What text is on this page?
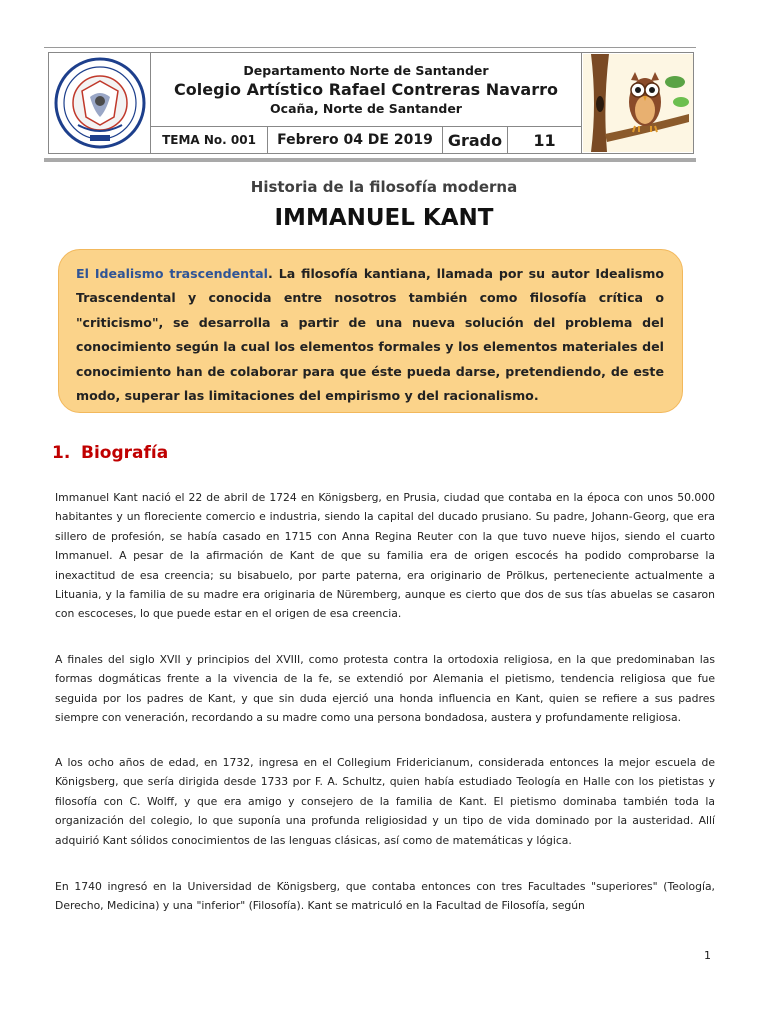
Departamento Norte de Santander
Colegio Artístico Rafael Contreras Navarro
Ocaña, Norte de Santander
TEMA No. 001	Febrero 04 DE 2019 Grado	11
Historia de la filosofía moderna
IMMANUEL KANT

El Idealismo trascendental. La filosofía kantiana, llamada por su autor Idealismo Trascendental y conocida entre nosotros también como filosofía crítica o "criticismo", se desarrolla a partir de una nueva solución del problema del conocimiento según la cual los elementos formales y los elementos materiales del conocimiento han de colaborar para que éste pueda darse, pretendiendo, de este modo, superar las limitaciones del empirismo y del racionalismo.

1. Biografía

Immanuel Kant nació el 22 de abril de 1724 en Königsberg, en Prusia, ciudad que contaba en la época con unos 50.000 habitantes y un floreciente comercio e industria, siendo la capital del ducado prusiano. Su padre, Johann-Georg, que era sillero de profesión, se había casado en 1715 con Anna Regina Reuter con la que tuvo nueve hijos, siendo el cuarto Immanuel. A pesar de la afirmación de Kant de que su familia era de origen escocés ha podido comprobarse la inexactitud de esa creencia; su bisabuelo, por parte paterna, era originario de Prölkus, perteneciente actualmente a Lituania, y la familia de su madre era originaria de Nüremberg, aunque es cierto que dos de sus tías abuelas se casaron con escoceses, lo que puede estar en el origen de esa creencia.

A finales del siglo XVII y principios del XVIII, como protesta contra la ortodoxia religiosa, en la que predominaban las formas dogmáticas frente a la vivencia de la fe, se extendió por Alemania el pietismo, tendencia religiosa que fue seguida por los padres de Kant, y que sin duda ejerció una honda influencia en Kant, quien se refiere a sus padres siempre con veneración, recordando a su madre como una persona bondadosa, austera y profundamente religiosa.

A los ocho años de edad, en 1732, ingresa en el Collegium Fridericianum, considerada entonces la mejor escuela de Königsberg, que sería dirigida desde 1733 por F. A. Schultz, quien había estudiado Teología en Halle con los pietistas y filosofía con C. Wolff, y que era amigo y consejero de la familia de Kant. El pietismo dominaba también toda la organización del colegio, lo que suponía una profunda religiosidad y un tipo de vida dominado por la austeridad. Allí adquirió Kant sólidos conocimientos de las lenguas clásicas, así como de matemáticas y lógica.

En 1740 ingresó en la Universidad de Königsberg, que contaba entonces con tres Facultades "superiores" (Teología, Derecho, Medicina) y una "inferior" (Filosofía). Kant se matriculó en la Facultad de Filosofía, según

1
